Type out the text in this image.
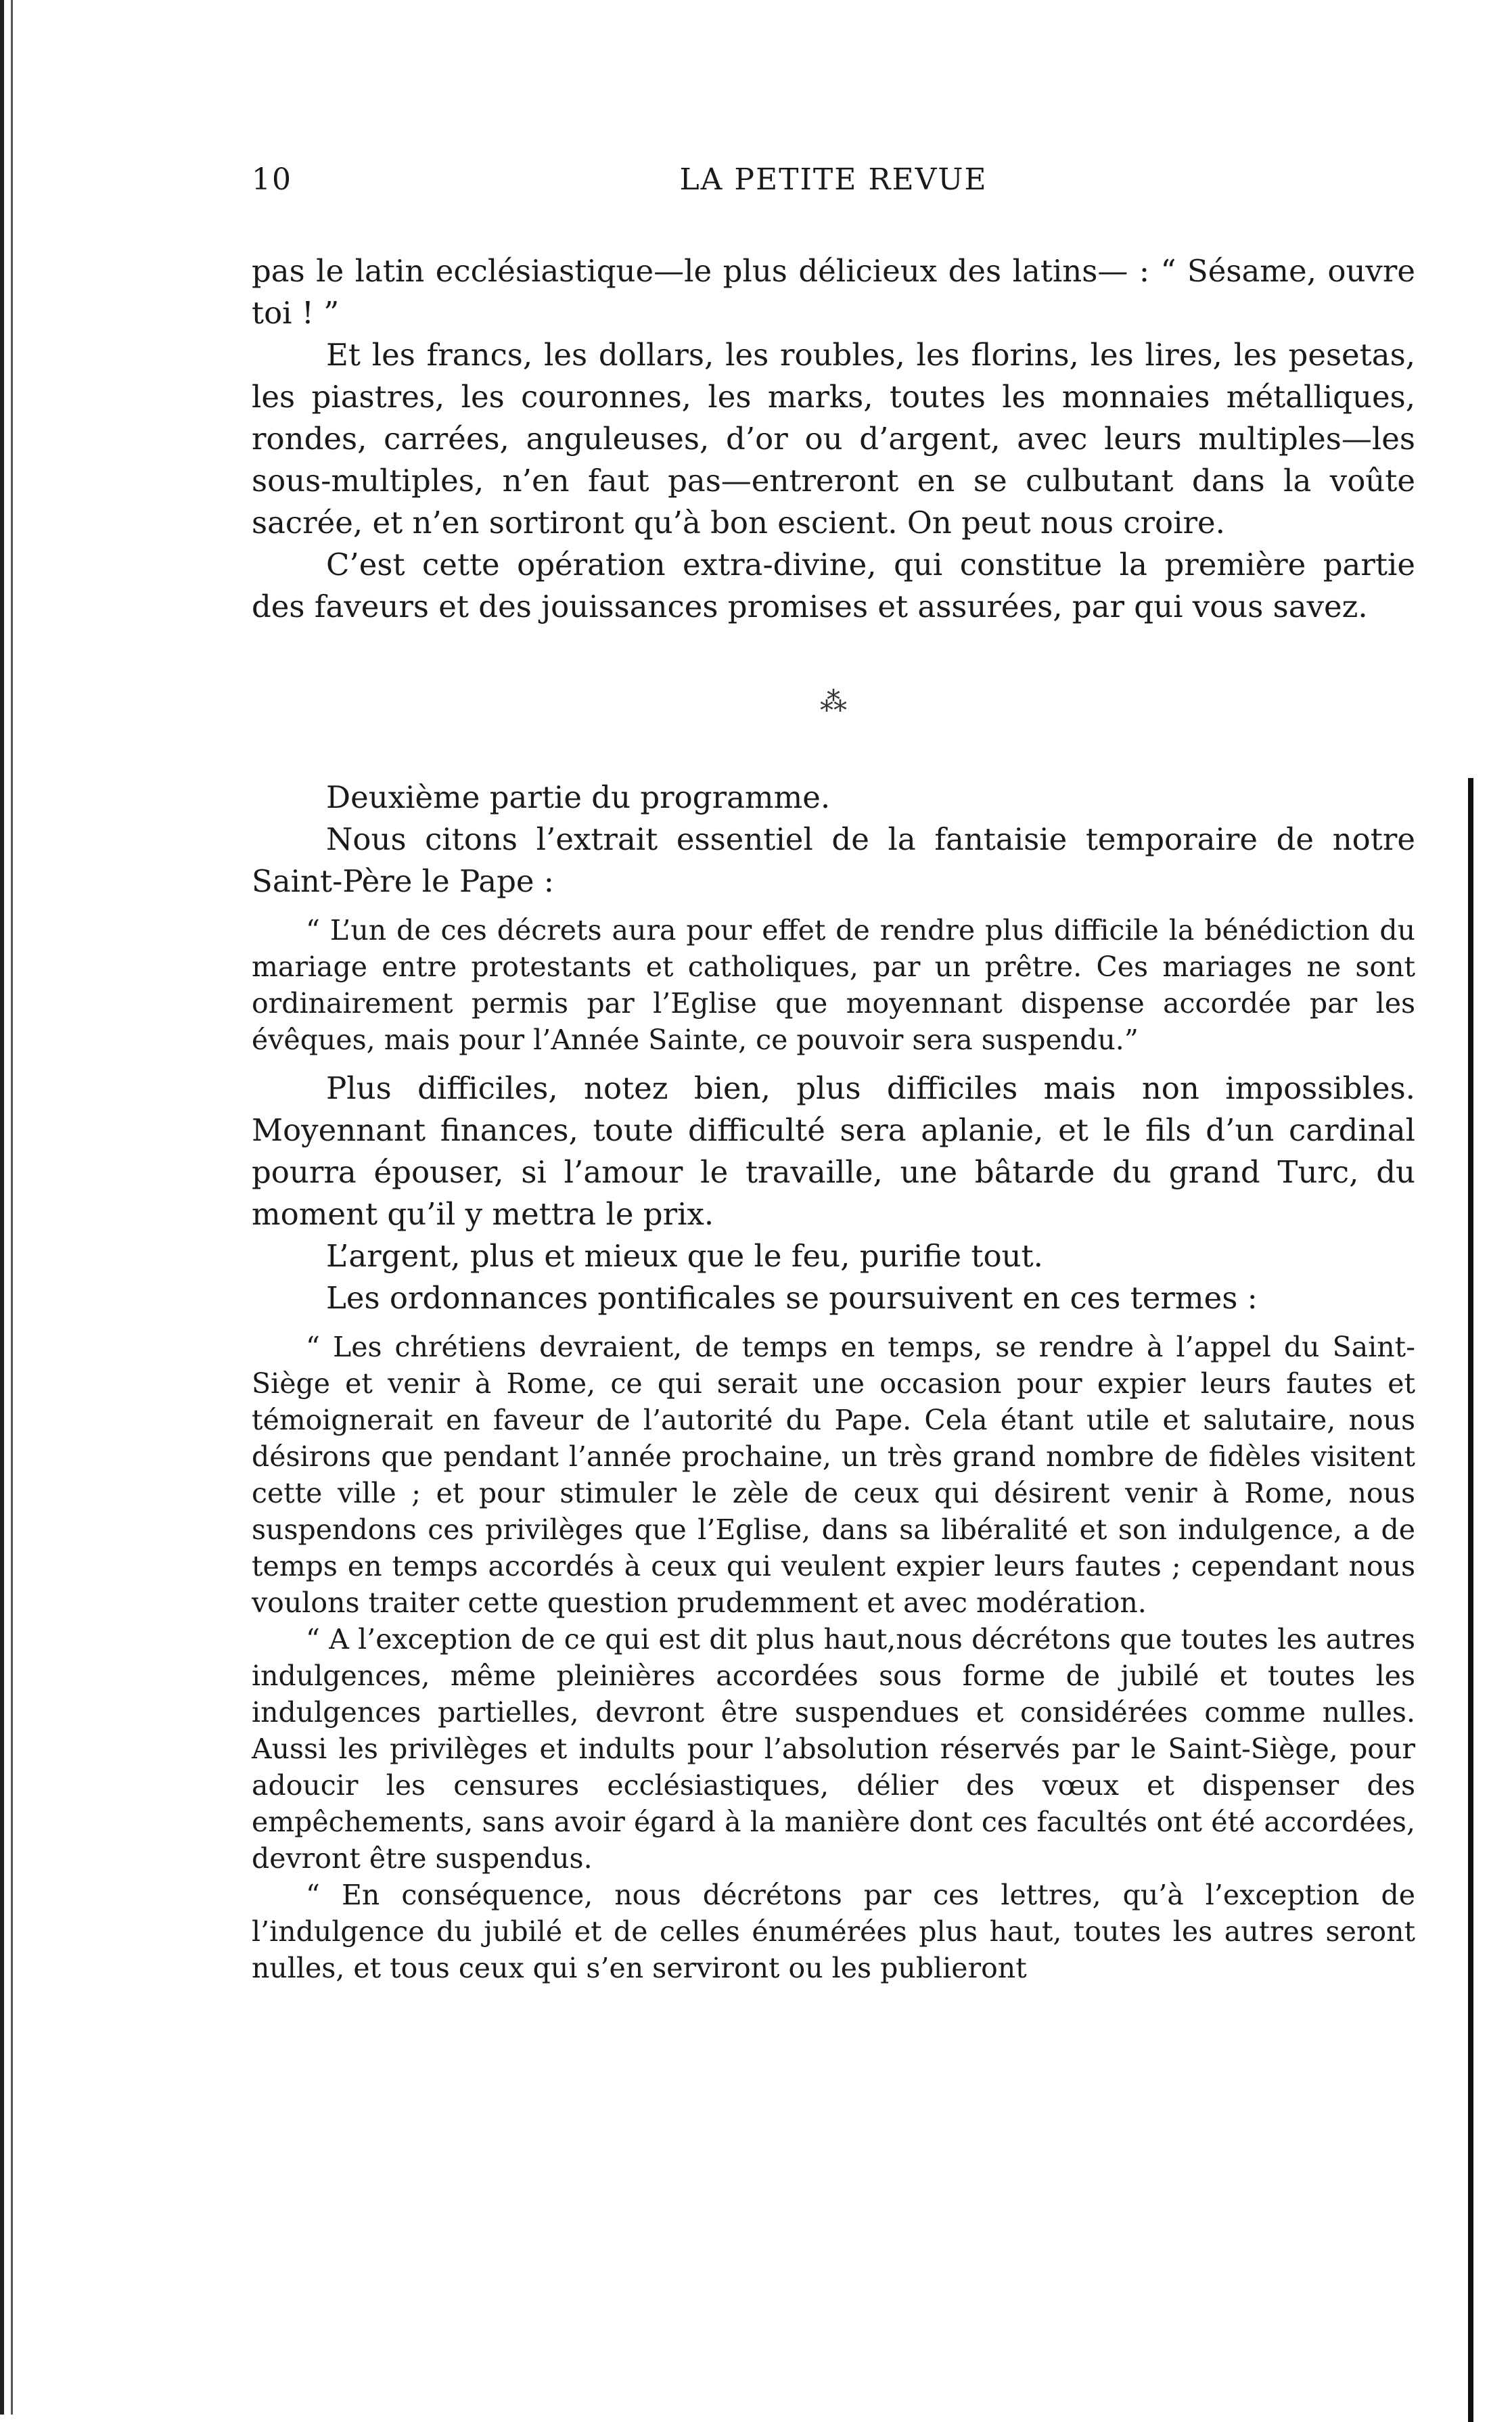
10	LA PETITE REVUE

pas le latin ecclésiastique—le plus délicieux des latins— : “ Sésame, ouvre toi ! ”

Et les francs, les dollars, les roubles, les florins, les lires, les pesetas, les piastres, les couronnes, les marks, toutes les monnaies métalliques, rondes, carrées, anguleuses, d’or ou d’argent, avec leurs multiples—les sous-multiples, n’en faut pas—entreront en se culbutant dans la voûte sacrée, et n’en sortiront qu’à bon escient. On peut nous croire.

C’est cette opération extra-divine, qui constitue la première partie des faveurs et des jouissances promises et assurées, par qui vous savez.

⁂

Deuxième partie du programme.

Nous citons l’extrait essentiel de la fantaisie temporaire de notre Saint-Père le Pape :

“ L’un de ces décrets aura pour effet de rendre plus difficile la bénédiction du mariage entre protestants et catholiques, par un prêtre. Ces mariages ne sont ordinairement permis par l’Eglise que moyennant dispense accordée par les évêques, mais pour l’Année Sainte, ce pouvoir sera suspendu.”

Plus difficiles, notez bien, plus difficiles mais non impossibles. Moyennant finances, toute difficulté sera aplanie, et le fils d’un cardinal pourra épouser, si l’amour le travaille, une bâtarde du grand Turc, du moment qu’il y mettra le prix.

L’argent, plus et mieux que le feu, purifie tout.

Les ordonnances pontificales se poursuivent en ces termes :

“ Les chrétiens devraient, de temps en temps, se rendre à l’appel du Saint-Siège et venir à Rome, ce qui serait une occasion pour expier leurs fautes et témoignerait en faveur de l’autorité du Pape. Cela étant utile et salutaire, nous désirons que pendant l’année prochaine, un très grand nombre de fidèles visitent cette ville ; et pour stimuler le zèle de ceux qui désirent venir à Rome, nous suspendons ces privilèges que l’Eglise, dans sa libéralité et son indulgence, a de temps en temps accordés à ceux qui veulent expier leurs fautes ; cependant nous voulons traiter cette question prudemment et avec modération.

“ A l’exception de ce qui est dit plus haut,nous décrétons que toutes les autres indulgences, même pleinières accordées sous forme de jubilé et toutes les indulgences partielles, devront être suspendues et considérées comme nulles. Aussi les privilèges et indults pour l’absolution réservés par le Saint-Siège, pour adoucir les censures ecclésiastiques, délier des vœux et dispenser des empêchements, sans avoir égard à la manière dont ces facultés ont été accordées, devront être suspendus.

“ En conséquence, nous décrétons par ces lettres, qu’à l’exception de l’indulgence du jubilé et de celles énumérées plus haut, toutes les autres seront nulles, et tous ceux qui s’en serviront ou les publieront
